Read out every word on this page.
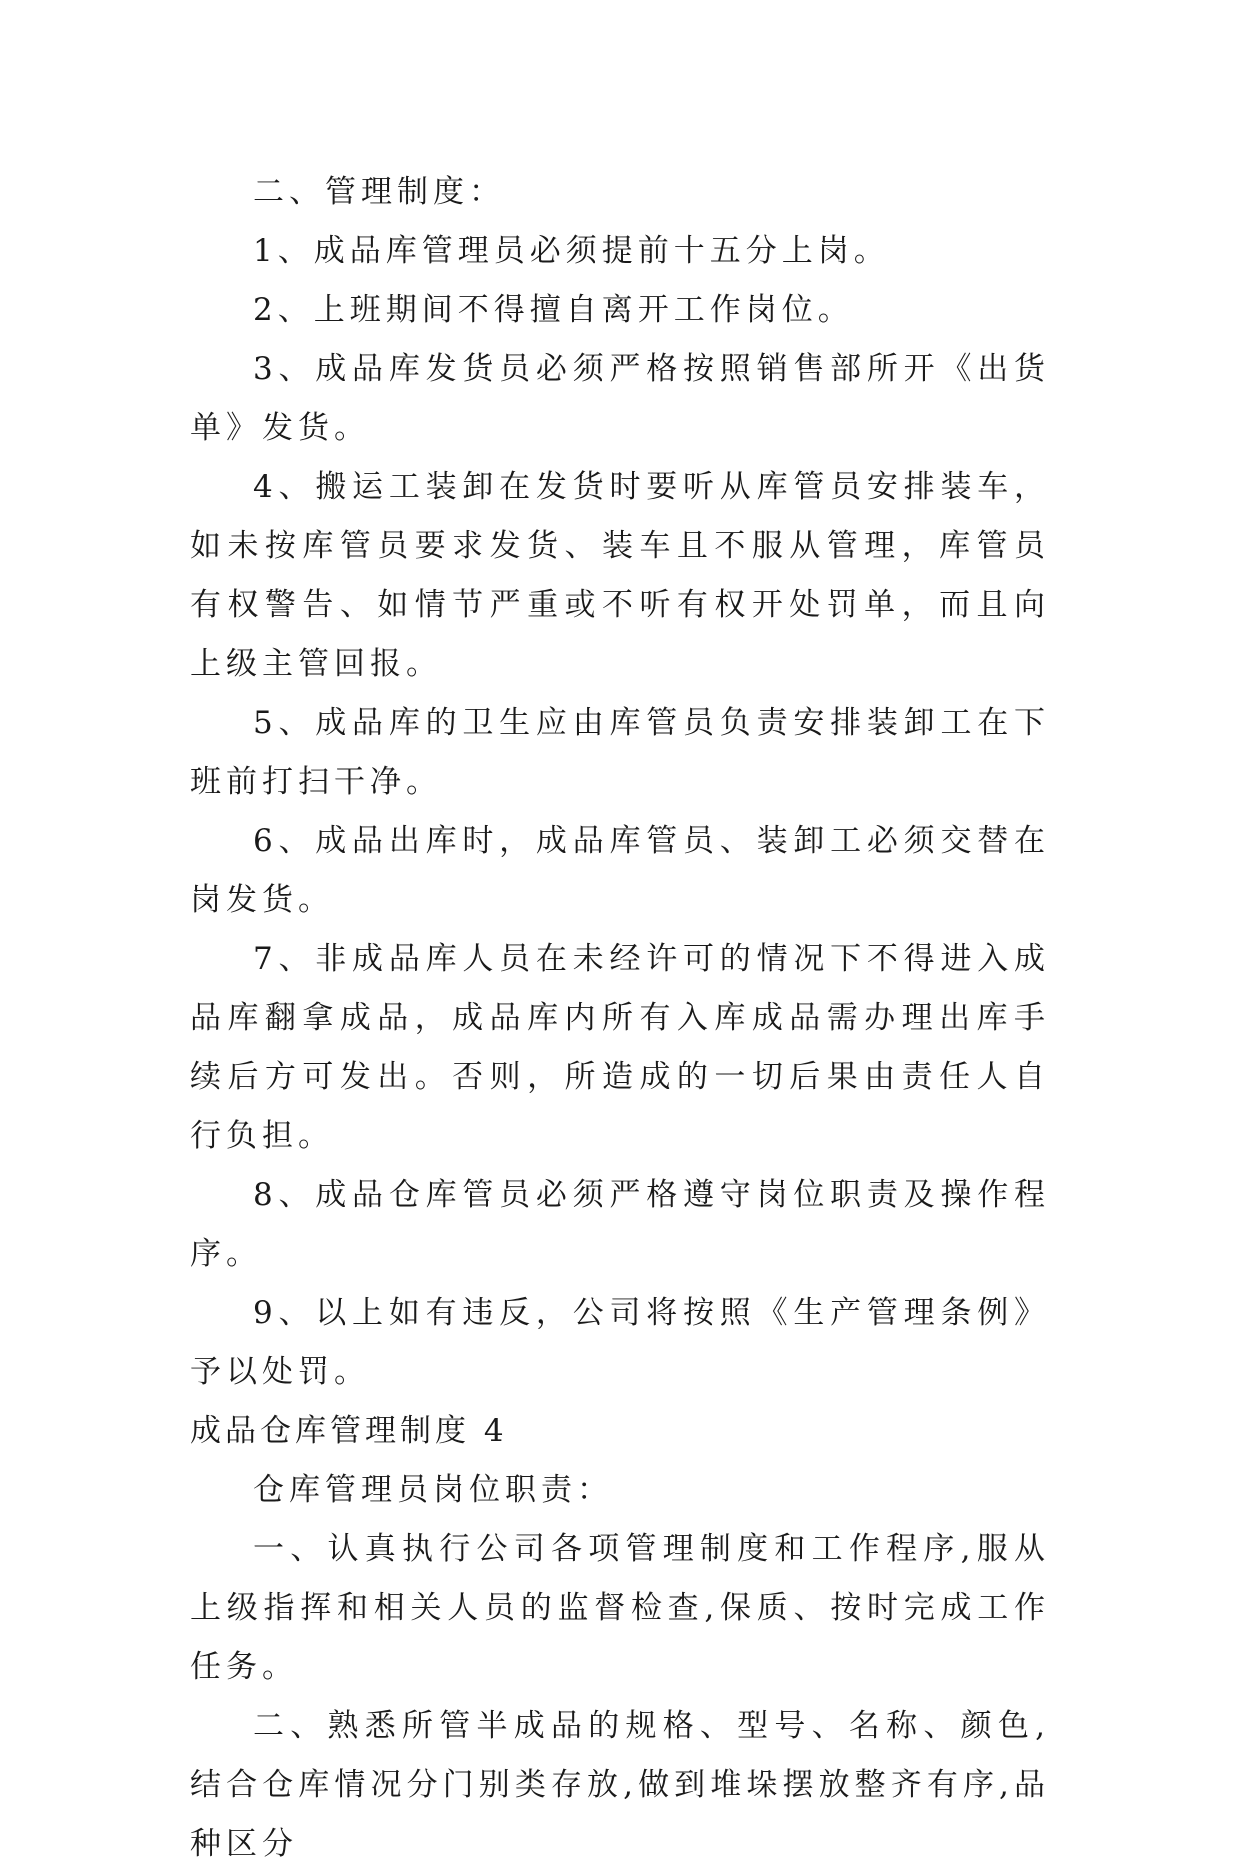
二、管理制度：

1、成品库管理员必须提前十五分上岗。

2、上班期间不得擅自离开工作岗位。

3、成品库发货员必须严格按照销售部所开《出货单》发货。

4、搬运工装卸在发货时要听从库管员安排装车，如未按库管员要求发货、装车且不服从管理，库管员有权警告、如情节严重或不听有权开处罚单，而且向上级主管回报。

5、成品库的卫生应由库管员负责安排装卸工在下班前打扫干净。

6、成品出库时，成品库管员、装卸工必须交替在岗发货。

7、非成品库人员在未经许可的情况下不得进入成品库翻拿成品，成品库内所有入库成品需办理出库手续后方可发出。否则，所造成的一切后果由责任人自行负担。

8、成品仓库管员必须严格遵守岗位职责及操作程序。

9、以上如有违反，公司将按照《生产管理条例》予以处罚。

成品仓库管理制度 4

仓库管理员岗位职责：

一、认真执行公司各项管理制度和工作程序,服从上级指挥和相关人员的监督检查,保质、按时完成工作任务。

二、熟悉所管半成品的规格、型号、名称、颜色,结合仓库情况分门别类存放,做到堆垛摆放整齐有序,品种区分
